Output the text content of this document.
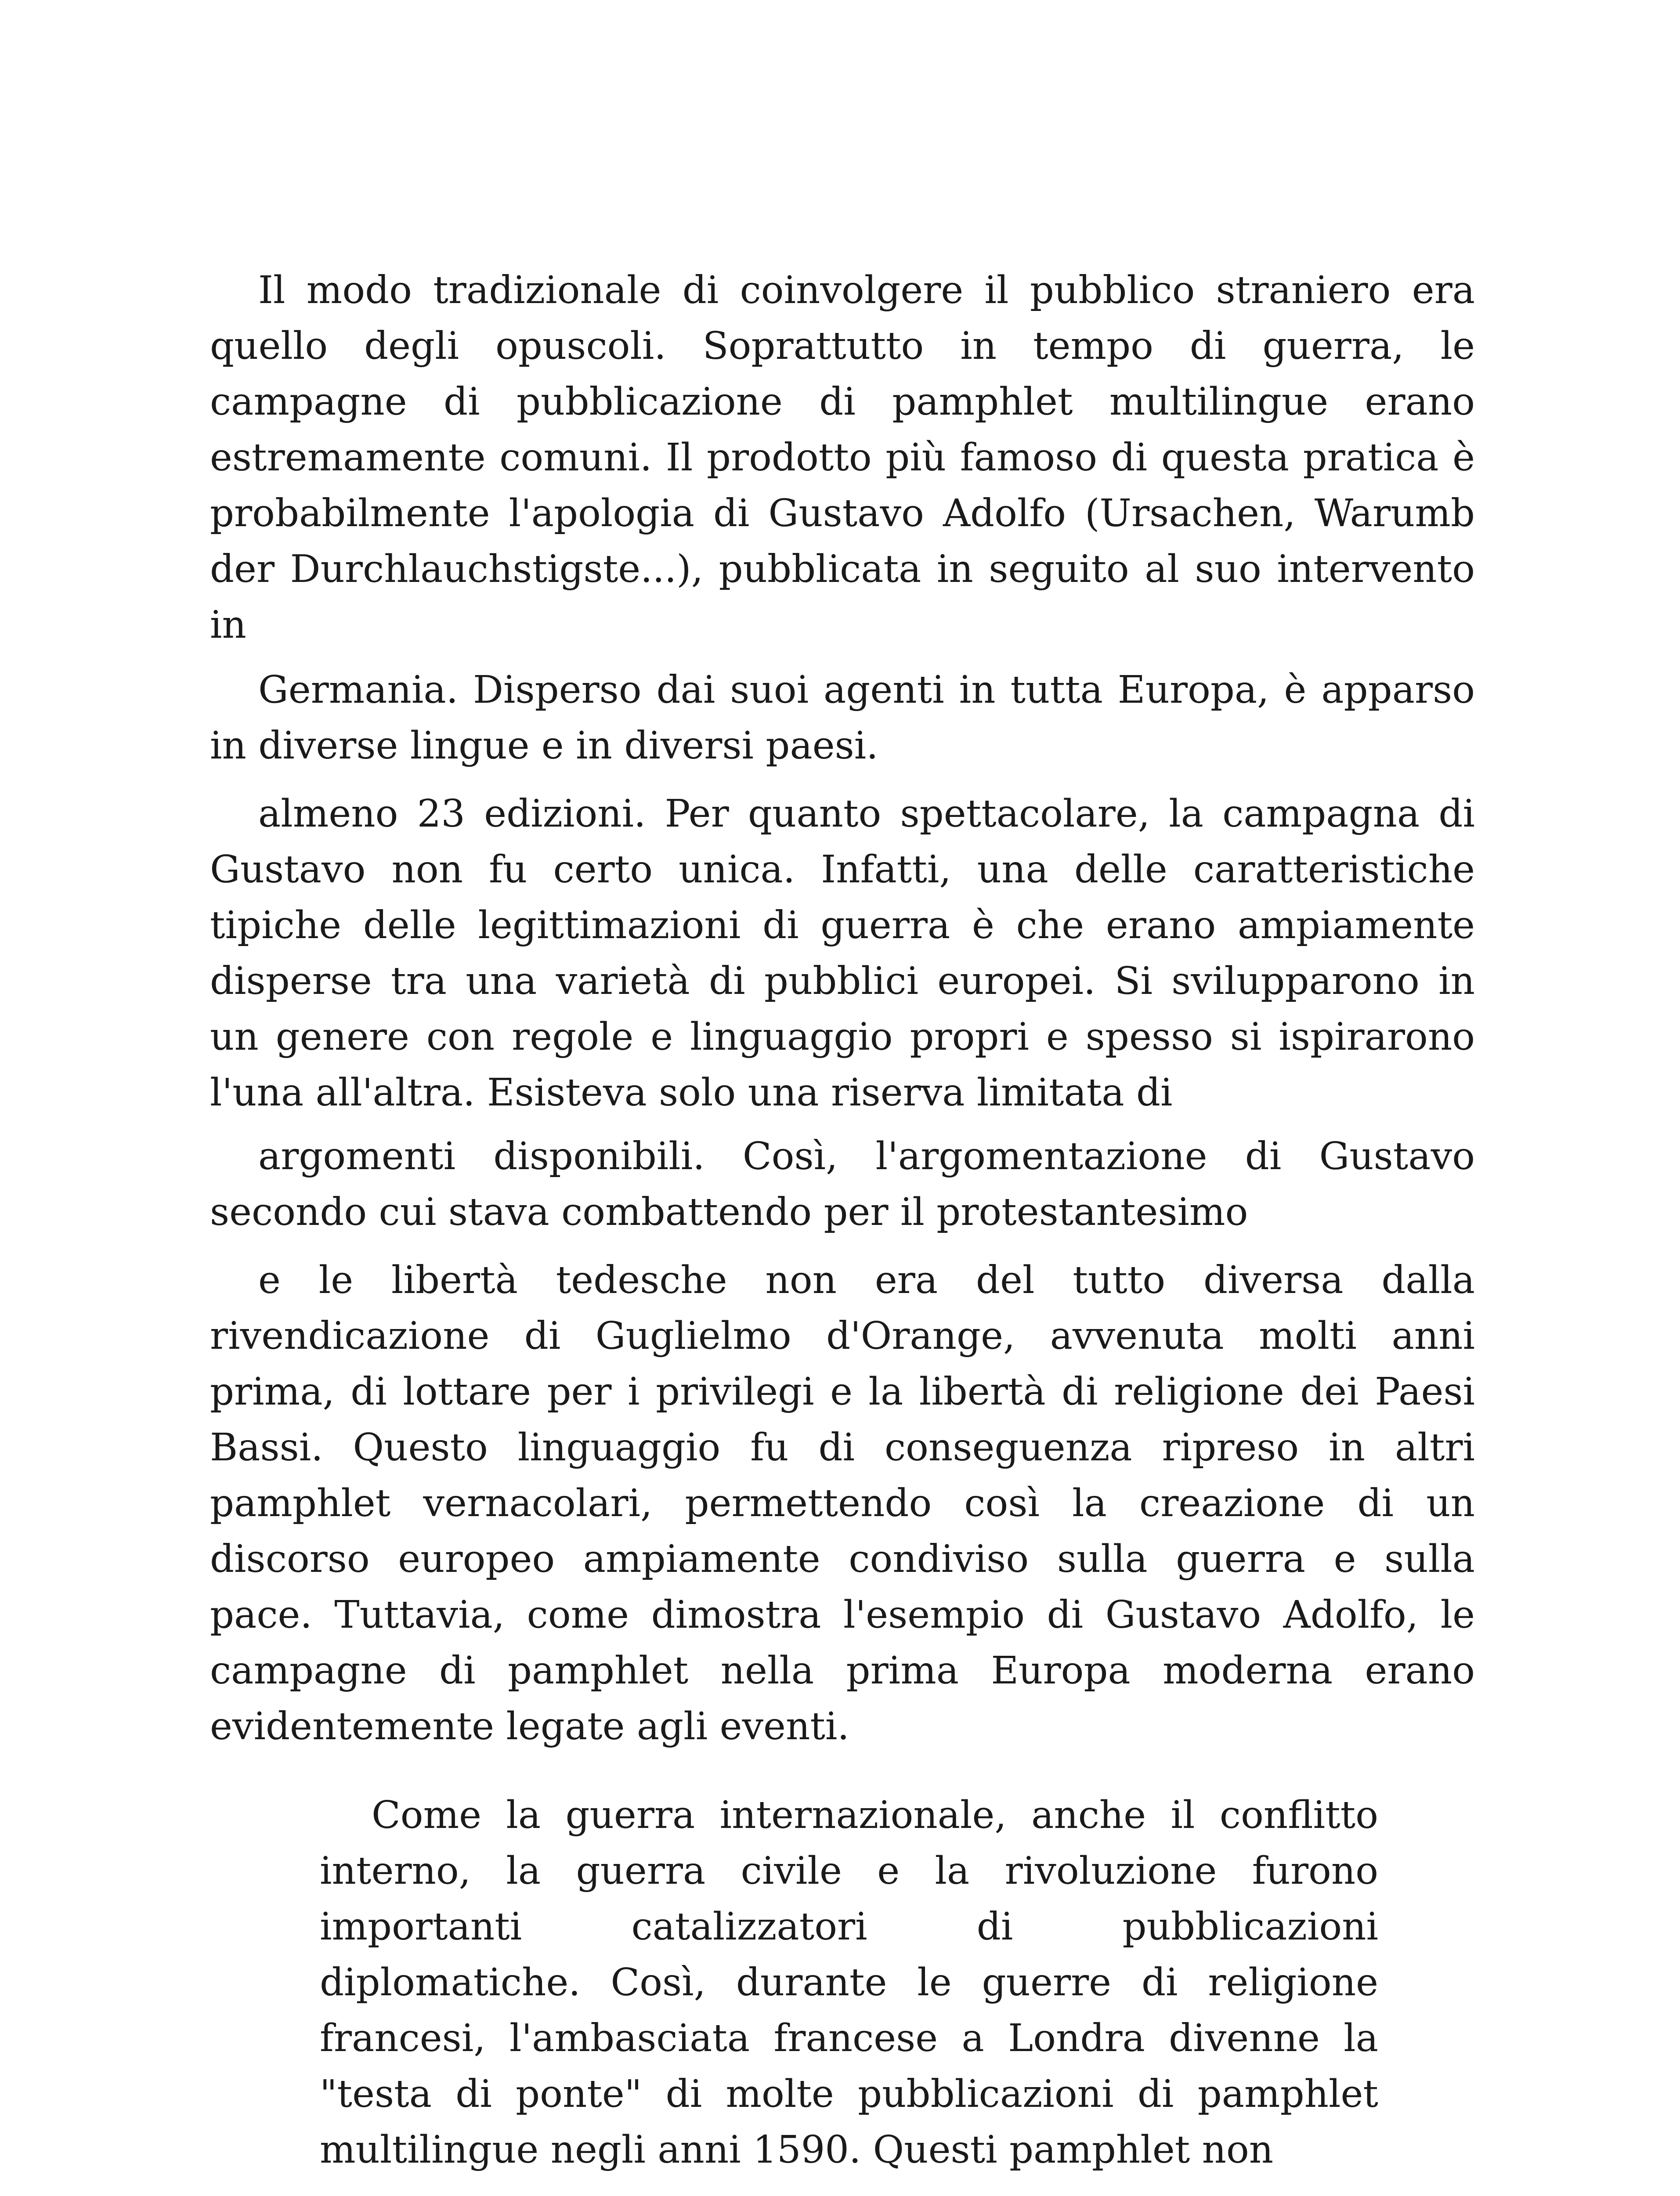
Il modo tradizionale di coinvolgere il pubblico straniero era
quello degli opuscoli. Soprattutto in tempo di guerra, le
campagne di pubblicazione di pamphlet multilingue erano
estremamente comuni. Il prodotto più famoso di questa pratica è
probabilmente l'apologia di Gustavo Adolfo (Ursachen, Warumb
der Durchlauchstigste...), pubblicata in seguito al suo intervento
in

Germania. Disperso dai suoi agenti in tutta Europa, è apparso
in diverse lingue e in diversi paesi.

almeno 23 edizioni. Per quanto spettacolare, la campagna di
Gustavo non fu certo unica. Infatti, una delle caratteristiche
tipiche delle legittimazioni di guerra è che erano ampiamente
disperse tra una varietà di pubblici europei. Si svilupparono in
un genere con regole e linguaggio propri e spesso si ispirarono
l'una all'altra. Esisteva solo una riserva limitata di

argomenti disponibili. Così, l'argomentazione di Gustavo
secondo cui stava combattendo per il protestantesimo

e le libertà tedesche non era del tutto diversa dalla
rivendicazione di Guglielmo d'Orange, avvenuta molti anni
prima, di lottare per i privilegi e la libertà di religione dei Paesi
Bassi. Questo linguaggio fu di conseguenza ripreso in altri
pamphlet vernacolari, permettendo così la creazione di un
discorso europeo ampiamente condiviso sulla guerra e sulla
pace. Tuttavia, come dimostra l'esempio di Gustavo Adolfo, le
campagne di pamphlet nella prima Europa moderna erano
evidentemente legate agli eventi.

Come la guerra internazionale, anche il conflitto
interno, la guerra civile e la rivoluzione furono
importanti catalizzatori di pubblicazioni
diplomatiche. Così, durante le guerre di religione
francesi, l'ambasciata francese a Londra divenne la
"testa di ponte" di molte pubblicazioni di pamphlet
multilingue negli anni 1590. Questi pamphlet non
